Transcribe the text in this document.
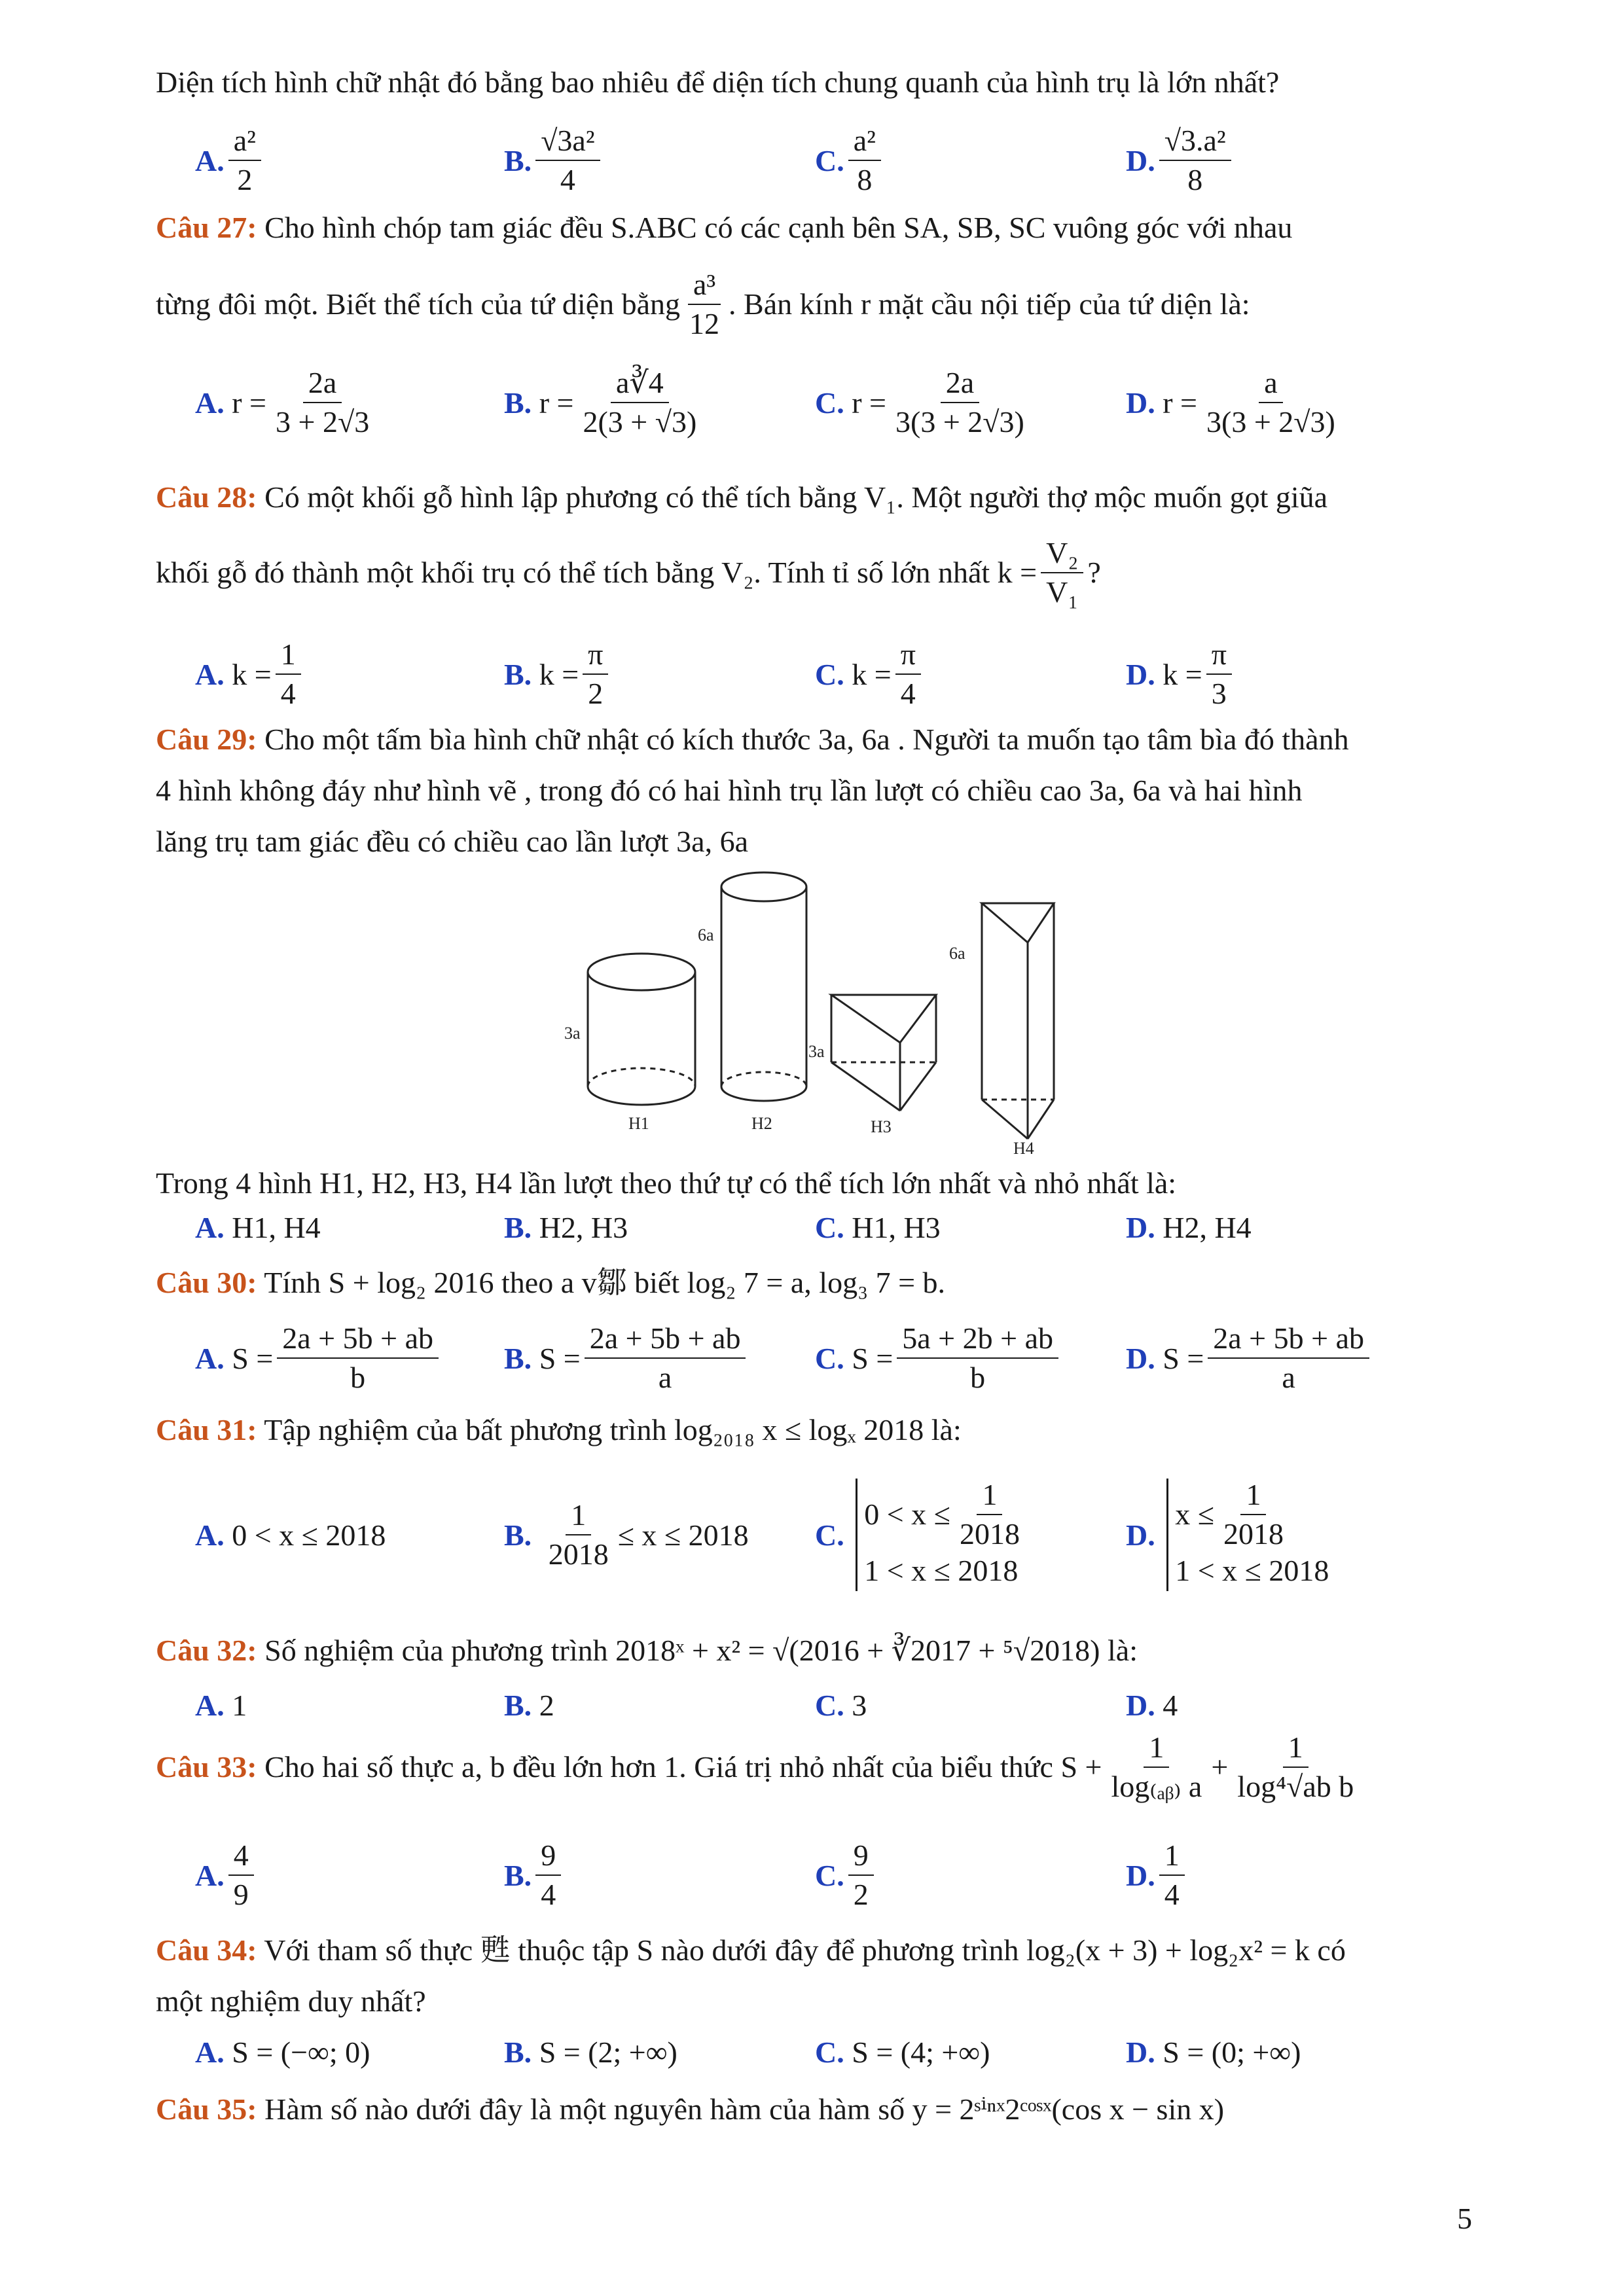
Diện tích hình chữ nhật đó bằng bao nhiêu để diện tích chung quanh của hình trụ là lớn nhất?
A. $\frac{\text{a²}}{2}$	B. $\frac{\text{√3a²}}{4}$	C. $\frac{\text{a²}}{8}$	D. $\frac{\text{√3.a²}}{8}$
Câu 27: Cho hình chóp tam giác đều S.ABC có các cạnh bên SA, SB, SC vuông góc với nhau
từng đôi một. Biết thể tích của tứ diện bằng $\frac{\text{a³}}{12}$ . Bán kính r mặt cầu nội tiếp của tứ diện là:
A.
$r = \frac{2a}{3 + 2√3}$	B.
$r = \frac{a∛4}{2(3 + √3)}$	C.
$r = \frac{2a}{3(3 + 2√3)}$	D.
$r = \frac{a}{3(3 + 2√3)}$
Câu 28: Có một khối gỗ hình lập phương có thể tích bằng V₁. Một người thợ mộc muốn gọt giũa
khối gỗ đó thành một khối trụ có thể tích bằng V₂. Tính tỉ số lớn nhất $k = \frac{\text{V₂}}{\text{V₁}}$ ?
A.
$k = \frac{1}{4}$	B.
$k = \frac{\pi}{2}$	C.
$k = \frac{\pi}{4}$	D.
$k = \frac{\pi}{3}$
Câu 29: Cho một tấm bìa hình chữ nhật có kích thước 3a, 6a . Người ta muốn tạo tâm bìa đó thành
4 hình không đáy như hình vẽ , trong đó có hai hình trụ lần lượt có chiều cao 3a, 6a và hai hình
lăng trụ tam giác đều có chiều cao lần lượt 3a, 6a
3a
6a
3a
6a
H1	H2	H3
H4
Trong 4 hình H1, H2, H3, H4 lần lượt theo thứ tự có thể tích lớn nhất và nhỏ nhất là:
A.
H1, H4	B.
H2, H3	C.
H1, H3	D.
H2, H4
Câu 30: Tính S + log₂ 2016 theo a v鄒 biết log₂ 7 = a, log₃ 7 = b.
A.
$S = \frac{2a + 5b + ab}{b} B$.
$S = \frac{2a + 5b + ab}{a} C$.
$S = \frac{5a + 2b + ab}{b} D$.
$S = \frac{2a + 5b + ab}{a}$
Câu 31: Tập nghiệm của bất phương trình log₂₀₁₈ x ≤ logₓ 2018 là:
A.
0 < x ≤ 2018	B.
$\frac{1}{2018} \le x \le 2018$ C.

$0 < x \le \frac{1}{2018}$
1 < x ≤ 2018
D.

$x \le \frac{1}{2018}$
1 < x ≤ 2018
Câu 32: Số nghiệm của phương trình 2018ˣ + x² = √(2016 + ∛2017 + ⁵√2018) là:
A.
1	B.
2	C.
3	D.
4
Câu 33:
Cho hai số thực a, b đều lớn hơn 1. Giá trị nhỏ nhất của biểu thức $S + \frac{1}{\text{log₍ₐᵦ₎ a}} + \frac{1}{\text{log⁴√ab b}}$
A. $\frac{4}{9}$	B. $\frac{9}{4}$	C. $\frac{9}{2}$	D. $\frac{1}{4}$
Câu 34: Với tham số thực 甦 thuộc tập S nào dưới đây để phương trình log₂(x + 3) + log₂x² = k có
một nghiệm duy nhất?
A.
S = (−∞; 0)	B.
S = (2; +∞)	C.
S = (4; +∞)	D.
S = (0; +∞)
Câu 35: Hàm số nào dưới đây là một nguyên hàm của hàm số y = 2ˢⁱⁿˣ2ᶜᵒˢˣ(cos x − sin x)
5
